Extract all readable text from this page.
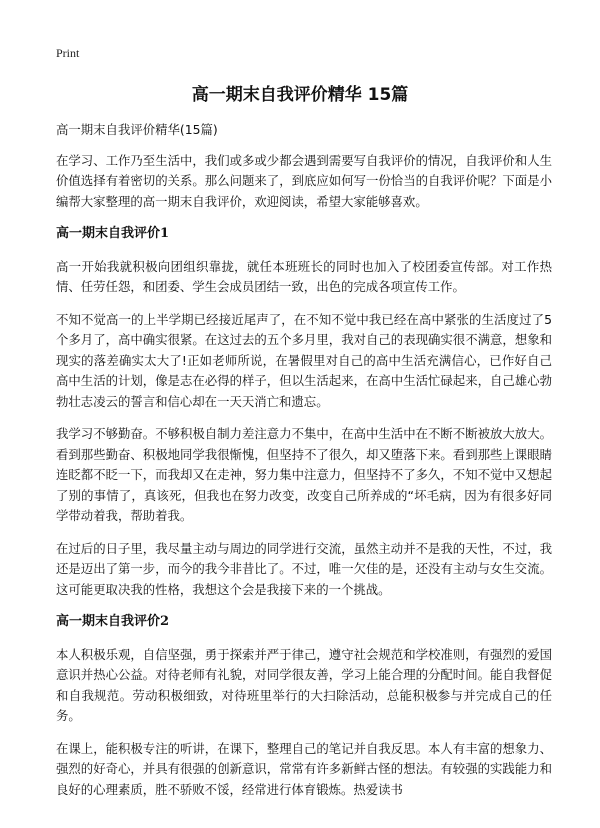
Print
高一期末自我评价精华 15篇

高一期末自我评价精华(15篇)

在学习、工作乃至生活中，我们或多或少都会遇到需要写自我评价的情况，自我评价和人生价值选择有着密切的关系。那么问题来了，到底应如何写一份恰当的自我评价呢？下面是小编帮大家整理的高一期末自我评价，欢迎阅读，希望大家能够喜欢。

高一期末自我评价1

高一开始我就积极向团组织靠拢，就任本班班长的同时也加入了校团委宣传部。对工作热情、任劳任怨，和团委、学生会成员团结一致，出色的完成各项宣传工作。

不知不觉高一的上半学期已经接近尾声了，在不知不觉中我已经在高中紧张的生活度过了5个多月了，高中确实很紧。在这过去的五个多月里，我对自己的表现确实很不满意，想象和现实的落差确实太大了!正如老师所说，在暑假里对自己的高中生活充满信心，已作好自己高中生活的计划，像是志在必得的样子，但以生活起来，在高中生活忙碌起来，自己雄心勃勃壮志凌云的誓言和信心却在一天天消亡和遗忘。

我学习不够勤奋。不够积极自制力差注意力不集中，在高中生活中在不断不断被放大放大。看到那些勤奋、积极地同学我很惭愧，但坚持不了很久，却又堕落下来。看到那些上课眼睛连眨都不眨一下，而我却又在走神，努力集中注意力，但坚持不了多久，不知不觉中又想起了别的事情了，真该死，但我也在努力改变，改变自己所养成的“坏毛病，因为有很多好同学带动着我，帮助着我。

在过后的日子里，我尽量主动与周边的同学进行交流，虽然主动并不是我的天性，不过，我还是迈出了第一步，而今的我今非昔比了。不过，唯一欠佳的是，还没有主动与女生交流。这可能更取决我的性格，我想这个会是我接下来的一个挑战。

高一期末自我评价2

本人积极乐观，自信坚强，勇于探索并严于律己，遵守社会规范和学校准则，有强烈的爱国意识并热心公益。对待老师有礼貌，对同学很友善，学习上能合理的分配时间。能自我督促和自我规范。劳动积极细致，对待班里举行的大扫除活动，总能积极参与并完成自己的任务。

在课上，能积极专注的听讲，在课下，整理自己的笔记并自我反思。本人有丰富的想象力、强烈的好奇心，并具有很强的创新意识，常常有许多新鲜古怪的想法。有较强的实践能力和良好的心理素质，胜不骄败不馁，经常进行体育锻炼。热爱读书
